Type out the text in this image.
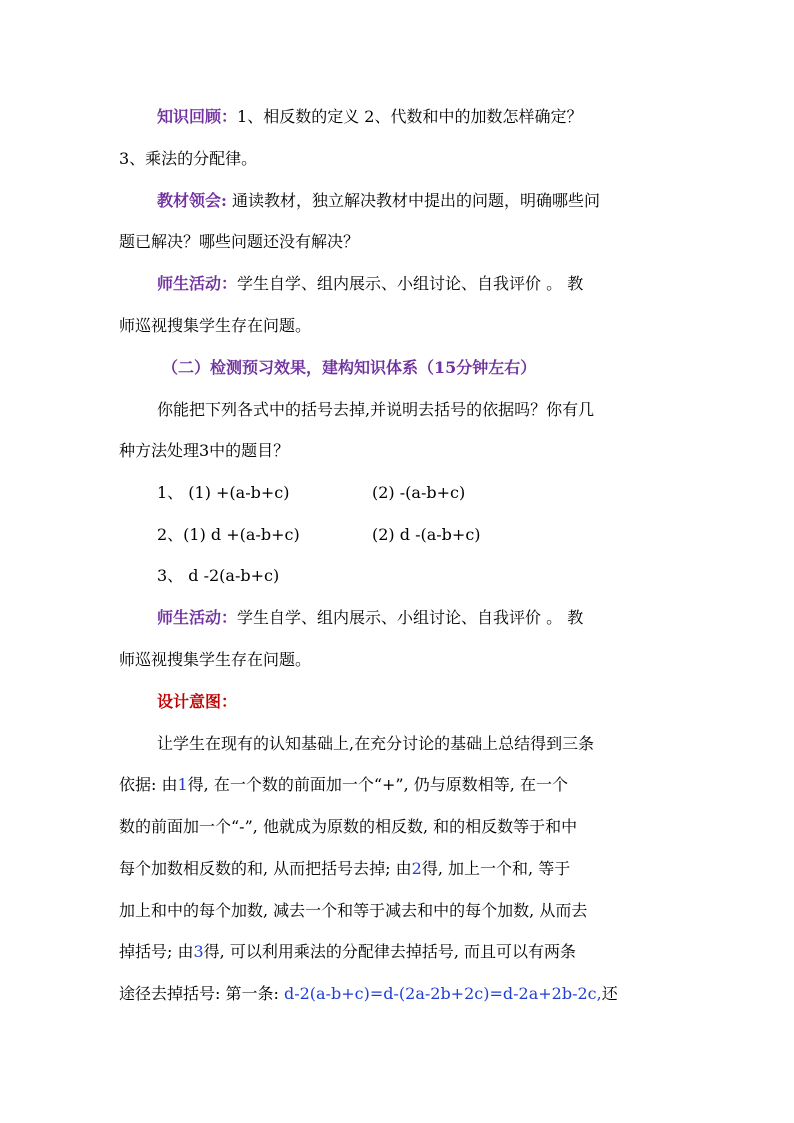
知识回顾：1、相反数的定义 2、代数和中的加数怎样确定？
3、乘法的分配律。
教材领会: 通读教材，独立解决教材中提出的问题，明确哪些问
题已解决？哪些问题还没有解决？
师生活动：学生自学、组内展示、小组讨论、自我评价 。 教
师巡视搜集学生存在问题。
（二）检测预习效果，建构知识体系（15分钟左右）
你能把下列各式中的括号去掉,并说明去括号的依据吗？你有几
种方法处理3中的题目？
1、 (1) +(a-b+c)	(2) -(a-b+c)
2、(1) d +(a-b+c)	(2) d -(a-b+c)
3、 d -2(a-b+c)
师生活动：学生自学、组内展示、小组讨论、自我评价 。 教
师巡视搜集学生存在问题。
设计意图：
让学生在现有的认知基础上,在充分讨论的基础上总结得到三条
依据: 由1得, 在一个数的前面加一个“+”, 仍与原数相等, 在一个
数的前面加一个“-”, 他就成为原数的相反数, 和的相反数等于和中
每个加数相反数的和, 从而把括号去掉; 由2得, 加上一个和, 等于
加上和中的每个加数, 减去一个和等于减去和中的每个加数, 从而去
掉括号; 由3得, 可以利用乘法的分配律去掉括号, 而且可以有两条
途径去掉括号: 第一条: d-2(a-b+c)=d-(2a-2b+2c)=d-2a+2b-2c,还
